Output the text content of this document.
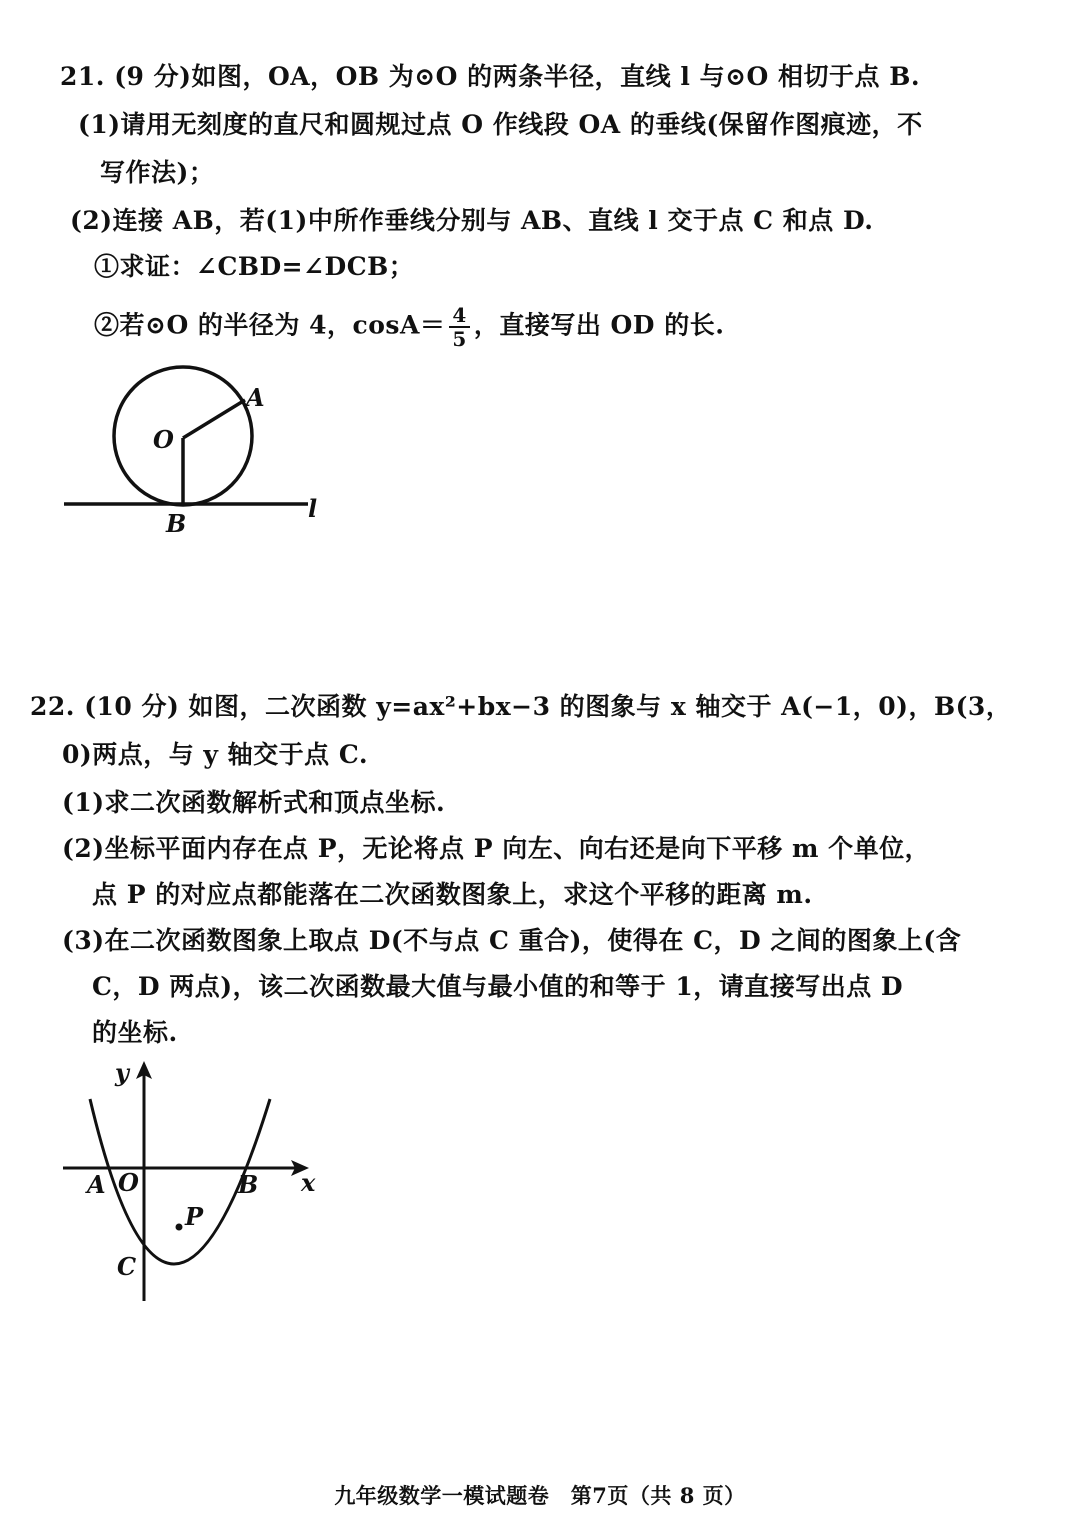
21. (9 分)如图，OA，OB 为⊙O 的两条半径，直线 l 与⊙O 相切于点 B.
(1)请用无刻度的直尺和圆规过点 O 作线段 OA 的垂线(保留作图痕迹，不
写作法)；
(2)连接 AB，若(1)中所作垂线分别与 AB、直线 l 交于点 C 和点 D.
①求证：∠CBD=∠DCB；
②若⊙O 的半径为 4，$\cos A= \frac{4}{5}$ ，直接写出 OD 的长.
O
A
B
l
22. (10 分) 如图，二次函数 y=ax²+bx−3 的图象与 x 轴交于 A(−1，0)，B(3，
0)两点，与 y 轴交于点 C.
(1)求二次函数解析式和顶点坐标.
(2)坐标平面内存在点 P，无论将点 P 向左、向右还是向下平移 m 个单位，
点 P 的对应点都能落在二次函数图象上，求这个平移的距离 m.
(3)在二次函数图象上取点 D(不与点 C 重合)，使得在 C，D 之间的图象上(含
C，D 两点)，该二次函数最大值与最小值的和等于 1，请直接写出点 D
的坐标.
y
x
A O	B
P
C
九年级数学一模试题卷　第7页（共 8 页）
